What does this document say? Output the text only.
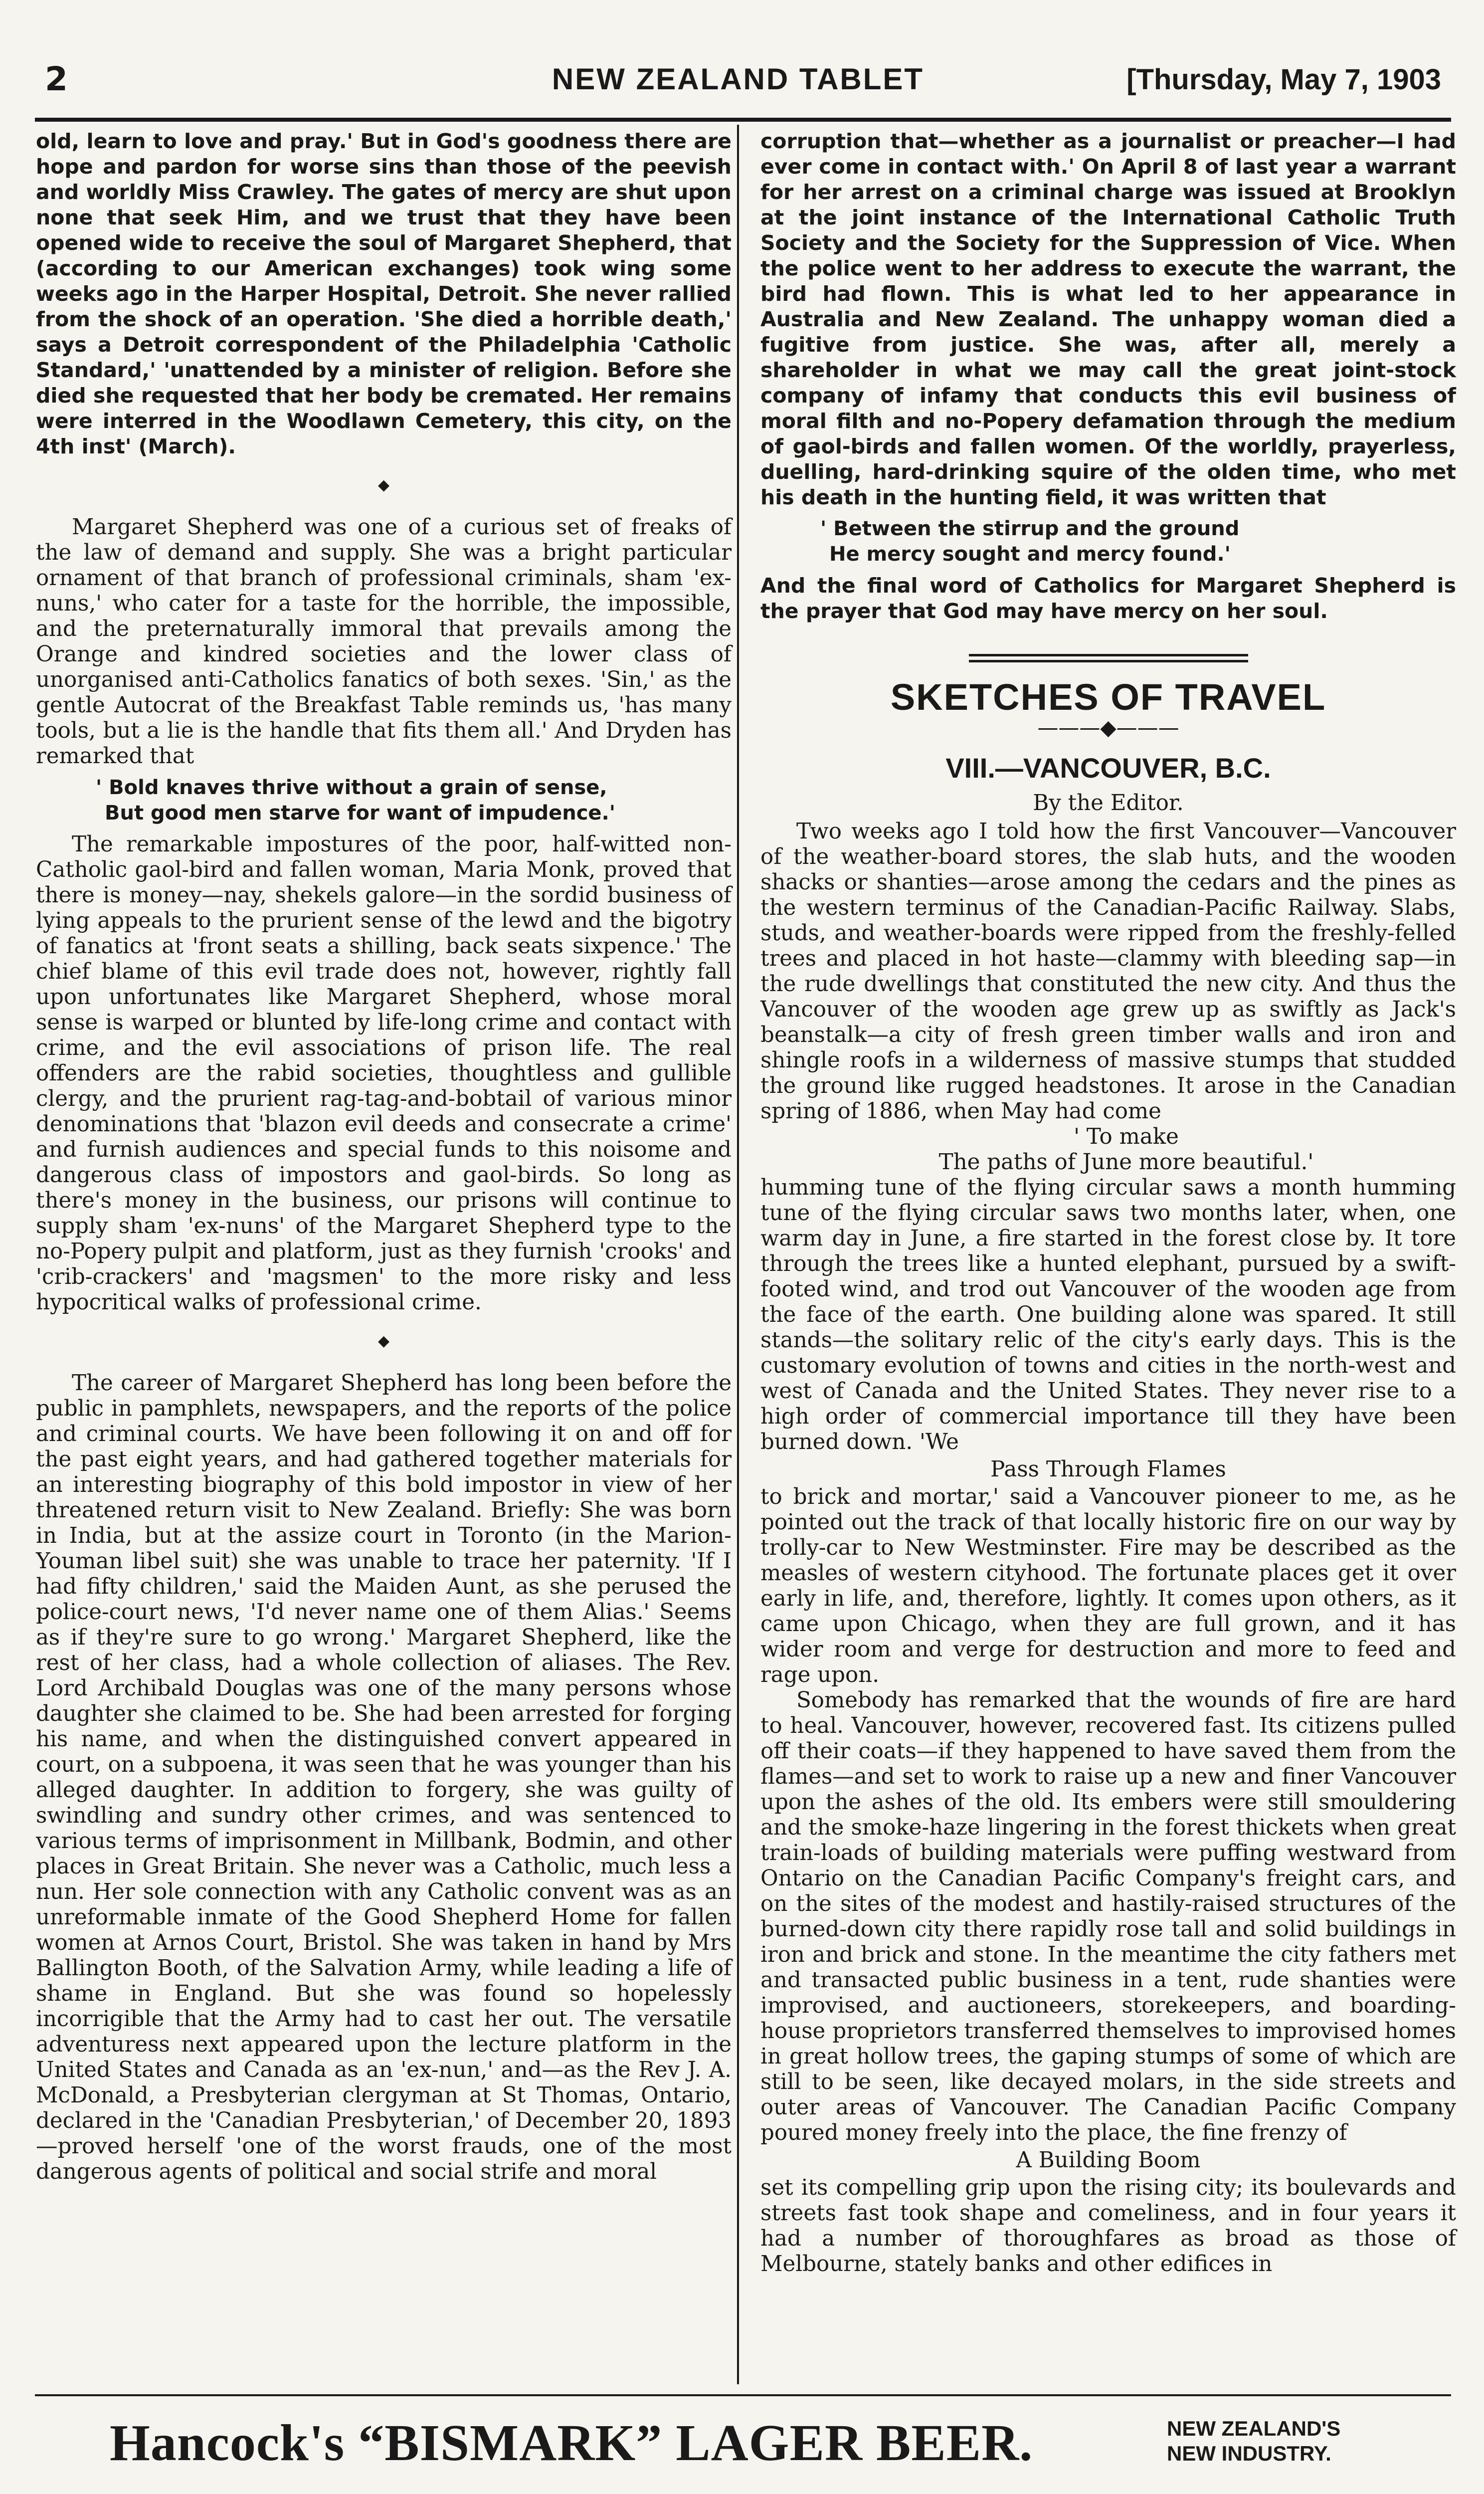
2	NEW ZEALAND TABLET	[Thursday, May 7, 1903

old, learn to love and pray.' But in God's goodness there are hope and pardon for worse sins than those of the peevish and worldly Miss Crawley. The gates of mercy are shut upon none that seek Him, and we trust that they have been opened wide to receive the soul of Margaret Shepherd, that (according to our American exchanges) took wing some weeks ago in the Harper Hospital, Detroit. She never rallied from the shock of an operation. 'She died a horrible death,' says a Detroit correspondent of the Philadelphia 'Catholic Standard,' 'unattended by a minister of religion. Before she died she requested that her body be cremated. Her remains were interred in the Woodlawn Cemetery, this city, on the 4th inst' (March).

◆

Margaret Shepherd was one of a curious set of freaks of the law of demand and supply. She was a bright particular ornament of that branch of professional criminals, sham 'ex-nuns,' who cater for a taste for the horrible, the impossible, and the preternaturally immoral that prevails among the Orange and kindred societies and the lower class of unorganised anti-Catholics fanatics of both sexes. 'Sin,' as the gentle Autocrat of the Breakfast Table reminds us, 'has many tools, but a lie is the handle that fits them all.' And Dryden has remarked that

' Bold knaves thrive without a grain of sense,
But good men starve for want of impudence.'

The remarkable impostures of the poor, half-witted non-Catholic gaol-bird and fallen woman, Maria Monk, proved that there is money—nay, shekels galore—in the sordid business of lying appeals to the prurient sense of the lewd and the bigotry of fanatics at 'front seats a shilling, back seats sixpence.' The chief blame of this evil trade does not, however, rightly fall upon unfortunates like Margaret Shepherd, whose moral sense is warped or blunted by life-long crime and contact with crime, and the evil associations of prison life. The real offenders are the rabid societies, thoughtless and gullible clergy, and the prurient rag-tag-and-bobtail of various minor denominations that 'blazon evil deeds and consecrate a crime' and furnish audiences and special funds to this noisome and dangerous class of impostors and gaol-birds. So long as there's money in the business, our prisons will continue to supply sham 'ex-nuns' of the Margaret Shepherd type to the no-Popery pulpit and platform, just as they furnish 'crooks' and 'crib-crackers' and 'magsmen' to the more risky and less hypocritical walks of professional crime.

◆

The career of Margaret Shepherd has long been before the public in pamphlets, newspapers, and the reports of the police and criminal courts. We have been following it on and off for the past eight years, and had gathered together materials for an interesting biography of this bold impostor in view of her threatened return visit to New Zealand. Briefly: She was born in India, but at the assize court in Toronto (in the Marion-Youman libel suit) she was unable to trace her paternity. 'If I had fifty children,' said the Maiden Aunt, as she perused the police-court news, 'I'd never name one of them Alias.' Seems as if they're sure to go wrong.' Margaret Shepherd, like the rest of her class, had a whole collection of aliases. The Rev. Lord Archibald Douglas was one of the many persons whose daughter she claimed to be. She had been arrested for forging his name, and when the distinguished convert appeared in court, on a subpoena, it was seen that he was younger than his alleged daughter. In addition to forgery, she was guilty of swindling and sundry other crimes, and was sentenced to various terms of imprisonment in Millbank, Bodmin, and other places in Great Britain. She never was a Catholic, much less a nun. Her sole connection with any Catholic convent was as an unreformable inmate of the Good Shepherd Home for fallen women at Arnos Court, Bristol. She was taken in hand by Mrs Ballington Booth, of the Salvation Army, while leading a life of shame in England. But she was found so hopelessly incorrigible that the Army had to cast her out. The versatile adventuress next appeared upon the lecture platform in the United States and Canada as an 'ex-nun,' and—as the Rev J. A. McDonald, a Presbyterian clergyman at St Thomas, Ontario, declared in the 'Canadian Presbyterian,' of December 20, 1893—proved herself 'one of the worst frauds, one of the most dangerous agents of political and social strife and moral

corruption that—whether as a journalist or preacher—I had ever come in contact with.' On April 8 of last year a warrant for her arrest on a criminal charge was issued at Brooklyn at the joint instance of the International Catholic Truth Society and the Society for the Suppression of Vice. When the police went to her address to execute the warrant, the bird had flown. This is what led to her appearance in Australia and New Zealand. The unhappy woman died a fugitive from justice. She was, after all, merely a shareholder in what we may call the great joint-stock company of infamy that conducts this evil business of moral filth and no-Popery defamation through the medium of gaol-birds and fallen women. Of the worldly, prayerless, duelling, hard-drinking squire of the olden time, who met his death in the hunting field, it was written that

' Between the stirrup and the ground
He mercy sought and mercy found.'

And the final word of Catholics for Margaret Shepherd is the prayer that God may have mercy on her soul.

SKETCHES OF TRAVEL
———◆———
VIII.—VANCOUVER, B.C.
By the Editor.

Two weeks ago I told how the first Vancouver—Vancouver of the weather-board stores, the slab huts, and the wooden shacks or shanties—arose among the cedars and the pines as the western terminus of the Canadian-Pacific Railway. Slabs, studs, and weather-boards were ripped from the freshly-felled trees and placed in hot haste—clammy with bleeding sap—in the rude dwellings that constituted the new city. And thus the Vancouver of the wooden age grew up as swiftly as Jack's beanstalk—a city of fresh green timber walls and iron and shingle roofs in a wilderness of massive stumps that studded the ground like rugged headstones. It arose in the Canadian spring of 1886, when May had come

' To make

The paths of June more beautiful.'

humming tune of the flying circular saws a month humming tune of the flying circular saws two months later, when, one warm day in June, a fire started in the forest close by. It tore through the trees like a hunted elephant, pursued by a swift-footed wind, and trod out Vancouver of the wooden age from the face of the earth. One building alone was spared. It still stands—the solitary relic of the city's early days. This is the customary evolution of towns and cities in the north-west and west of Canada and the United States. They never rise to a high order of commercial importance till they have been burned down. 'We

Pass Through Flames

to brick and mortar,' said a Vancouver pioneer to me, as he pointed out the track of that locally historic fire on our way by trolly-car to New Westminster. Fire may be described as the measles of western cityhood. The fortunate places get it over early in life, and, therefore, lightly. It comes upon others, as it came upon Chicago, when they are full grown, and it has wider room and verge for destruction and more to feed and rage upon.

Somebody has remarked that the wounds of fire are hard to heal. Vancouver, however, recovered fast. Its citizens pulled off their coats—if they happened to have saved them from the flames—and set to work to raise up a new and finer Vancouver upon the ashes of the old. Its embers were still smouldering and the smoke-haze lingering in the forest thickets when great train-loads of building materials were puffing westward from Ontario on the Canadian Pacific Company's freight cars, and on the sites of the modest and hastily-raised structures of the burned-down city there rapidly rose tall and solid buildings in iron and brick and stone. In the meantime the city fathers met and transacted public business in a tent, rude shanties were improvised, and auctioneers, storekeepers, and boarding-house proprietors transferred themselves to improvised homes in great hollow trees, the gaping stumps of some of which are still to be seen, like decayed molars, in the side streets and outer areas of Vancouver. The Canadian Pacific Company poured money freely into the place, the fine frenzy of

A Building Boom

set its compelling grip upon the rising city; its boulevards and streets fast took shape and comeliness, and in four years it had a number of thoroughfares as broad as those of Melbourne, stately banks and other edifices in

Hancock's “BISMARK” LAGER BEER.	NEW ZEALAND'S
NEW INDUSTRY.
